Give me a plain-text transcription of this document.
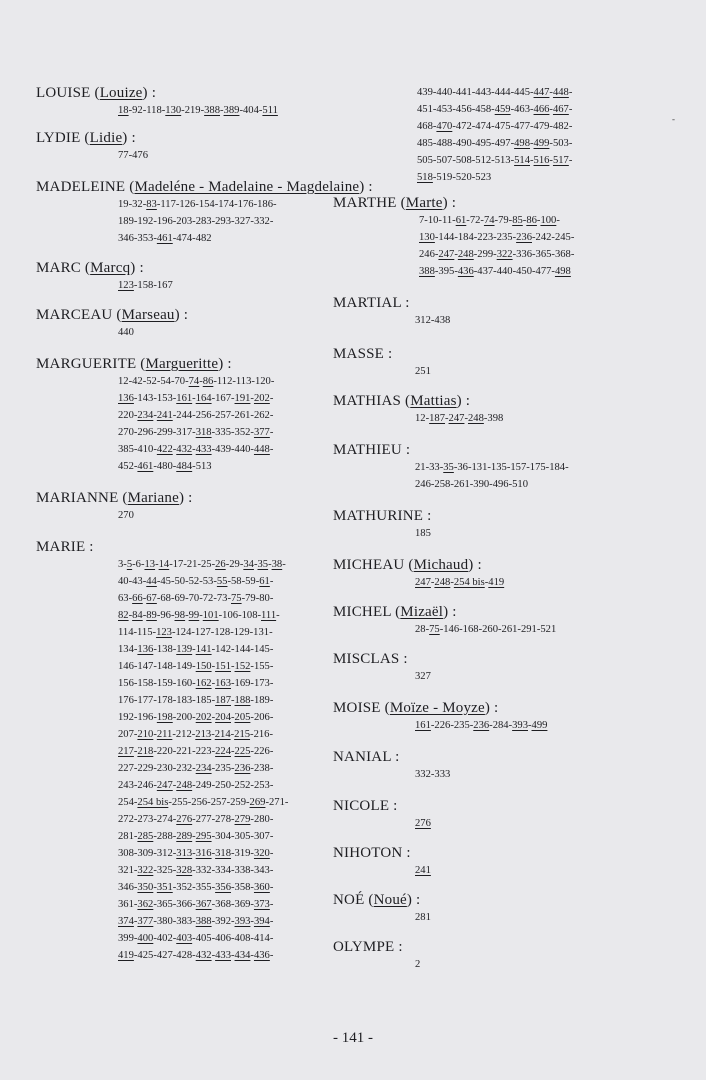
LOUISE (Louize) :
18-92-118-130-219-388-389-404-511
LYDIE (Lidie) :
77-476
MADELEINE (Madeléne - Madelaine - Magdelaine) :
19-32-83-117-126-154-174-176-186-
189-192-196-203-283-293-327-332-
346-353-461-474-482
MARC (Marcq) :
123-158-167
MARCEAU (Marseau) :
440
MARGUERITE (Margueritte) :
12-42-52-54-70-74-86-112-113-120-
136-143-153-161-164-167-191-202-
220-234-241-244-256-257-261-262-
270-296-299-317-318-335-352-377-
385-410-422-432-433-439-440-448-
452-461-480-484-513
MARIANNE (Mariane) :
270
MARIE :
3-5-6-13-14-17-21-25-26-29-34-35-38-
40-43-44-45-50-52-53-55-58-59-61-
63-66-67-68-69-70-72-73-75-79-80-
82-84-89-96-98-99-101-106-108-111-
114-115-123-124-127-128-129-131-
134-136-138-139-141-142-144-145-
146-147-148-149-150-151-152-155-
156-158-159-160-162-163-169-173-
176-177-178-183-185-187-188-189-
192-196-198-200-202-204-205-206-
207-210-211-212-213-214-215-216-
217-218-220-221-223-224-225-226-
227-229-230-232-234-235-236-238-
243-246-247-248-249-250-252-253-
254-254 bis-255-256-257-259-269-271-
272-273-274-276-277-278-279-280-
281-285-288-289-295-304-305-307-
308-309-312-313-316-318-319-320-
321-322-325-328-332-334-338-343-
346-350-351-352-355-356-358-360-
361-362-365-366-367-368-369-373-
374-377-380-383-388-392-393-394-
399-400-402-403-405-406-408-414-
419-425-427-428-432-433-434-436-
439-440-441-443-444-445-447-448-
451-453-456-458-459-463-466-467-
468-470-472-474-475-477-479-482-
485-488-490-495-497-498-499-503-
505-507-508-512-513-514-516-517-
518-519-520-523
MARTHE (Marte) :
7-10-11-61-72-74-79-85-86-100-
130-144-184-223-235-236-242-245-
246-247-248-299-322-336-365-368-
388-395-436-437-440-450-477-498
MARTIAL :
312-438
MASSE :
251
MATHIAS (Mattias) :
12-187-247-248-398
MATHIEU :
21-33-35-36-131-135-157-175-184-
246-258-261-390-496-510
MATHURINE :
185
MICHEAU (Michaud) :
247-248-254 bis-419
MICHEL (Mizaël) :
28-75-146-168-260-261-291-521
MISCLAS :
327
MOISE (Moïze - Moyze) :
161-226-235-236-284-393-499
NANIAL :
332-333
NICOLE :
276
NIHOTON :
241
NOÉ (Noué) :
281
OLYMPE :
2
-
- 141 -
